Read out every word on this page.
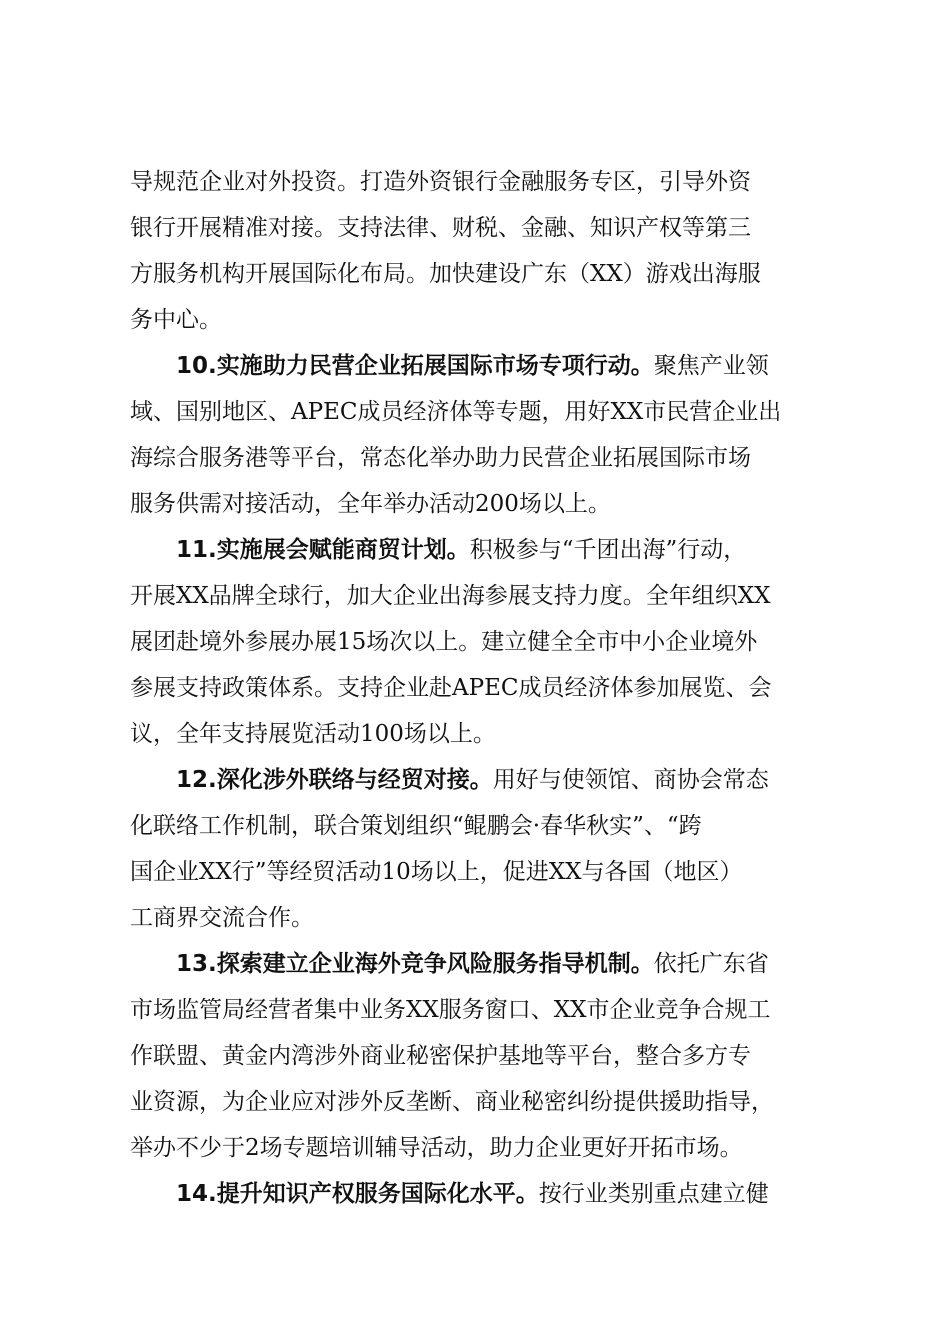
导规范企业对外投资。打造外资银行金融服务专区，引导外资
银行开展精准对接。支持法律、财税、金融、知识产权等第三
方服务机构开展国际化布局。加快建设广东（XX）游戏出海服
务中心。
10.实施助力民营企业拓展国际市场专项行动。聚焦产业领
域、国别地区、APEC成员经济体等专题，用好XX市民营企业出
海综合服务港等平台，常态化举办助力民营企业拓展国际市场
服务供需对接活动，全年举办活动200场以上。
11.实施展会赋能商贸计划。积极参与“千团出海”行动，
开展XX品牌全球行，加大企业出海参展支持力度。全年组织XX
展团赴境外参展办展15场次以上。建立健全全市中小企业境外
参展支持政策体系。支持企业赴APEC成员经济体参加展览、会
议，全年支持展览活动100场以上。
12.深化涉外联络与经贸对接。用好与使领馆、商协会常态
化联络工作机制，联合策划组织“鲲鹏会·春华秋实”、“跨
国企业XX行”等经贸活动10场以上，促进XX与各国（地区）
工商界交流合作。
13.探索建立企业海外竞争风险服务指导机制。依托广东省
市场监管局经营者集中业务XX服务窗口、XX市企业竞争合规工
作联盟、黄金内湾涉外商业秘密保护基地等平台，整合多方专
业资源，为企业应对涉外反垄断、商业秘密纠纷提供援助指导，
举办不少于2场专题培训辅导活动，助力企业更好开拓市场。
14.提升知识产权服务国际化水平。按行业类别重点建立健
